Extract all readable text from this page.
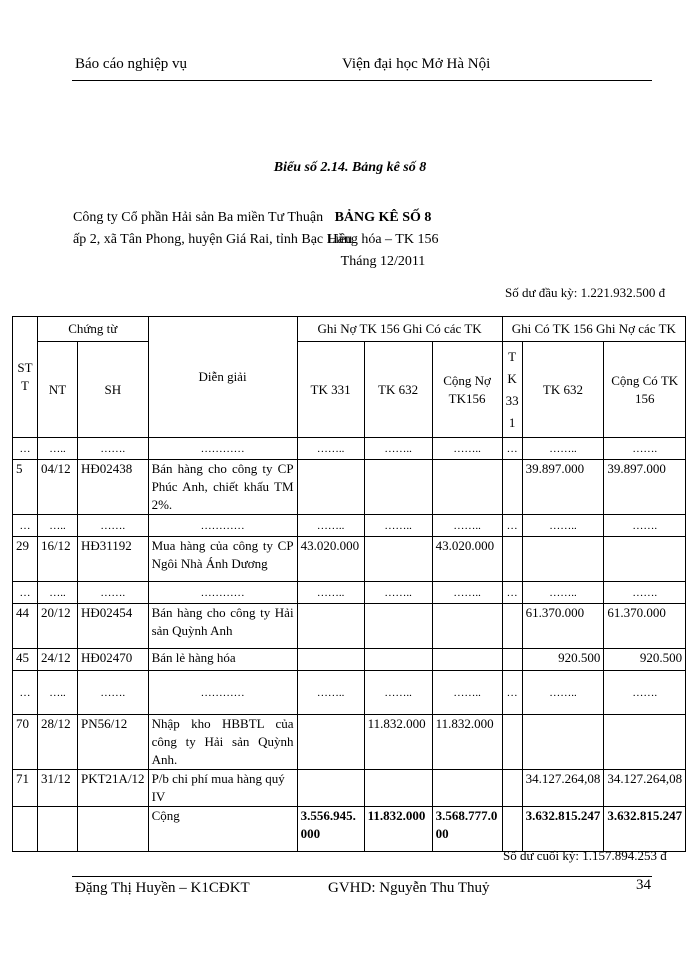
Báo cáo nghiệp vụ	Viện đại học Mở Hà Nội
Biểu số 2.14. Bảng kê số 8
Công ty Cổ phần Hải sản Ba miền Tư Thuận
ấp 2, xã Tân Phong, huyện Giá Rai, tỉnh Bạc Liêu
BẢNG KÊ SỐ 8
Hàng hóa – TK 156
Tháng 12/2011
Số dư đầu kỳ: 1.221.932.500 đ
ST T	Chứng từ		Diễn giải	Ghi Nợ TK 156 Ghi Có các TK			Ghi Có TK 156 Ghi Nợ các TK		
	NT	SH		TK 331	TK 632	Cộng Nợ TK156	T K 33 1	TK 632	Cộng Có TK 156
…	…..	…….	…………	……..	……..	……..	…	……..	…….
5	04/12	HĐ02438	Bán hàng cho công ty CP Phúc Anh, chiết khấu TM 2%.					39.897.000	39.897.000
…	…..	…….	…………	……..	……..	……..	…	……..	…….
29	16/12	HĐ31192	Mua hàng của công ty CP Ngôi Nhà Ánh Dương	43.020.000		43.020.000			
…	…..	…….	…………	……..	……..	……..	…	……..	…….
44	20/12	HĐ02454	Bán hàng cho công ty Hải sản Quỳnh Anh					61.370.000	61.370.000
45	24/12	HĐ02470	Bán lẻ hàng hóa					920.500	920.500
…	…..	…….	…………	……..	……..	……..	…	……..	…….
70	28/12	PN56/12	Nhập kho HBBTL của công ty Hải sản Quỳnh Anh.		11.832.000	11.832.000			
71	31/12	PKT21A/12	P/b chi phí mua hàng quý IV					34.127.264,08	34.127.264,08
			Cộng	3.556.945.000	11.832.000	3.568.777.000		3.632.815.247	3.632.815.247
Số dư cuối kỳ: 1.157.894.253 đ
Đặng Thị Huyền – K1CĐKT	GVHD: Nguyễn Thu Thuỷ	34
